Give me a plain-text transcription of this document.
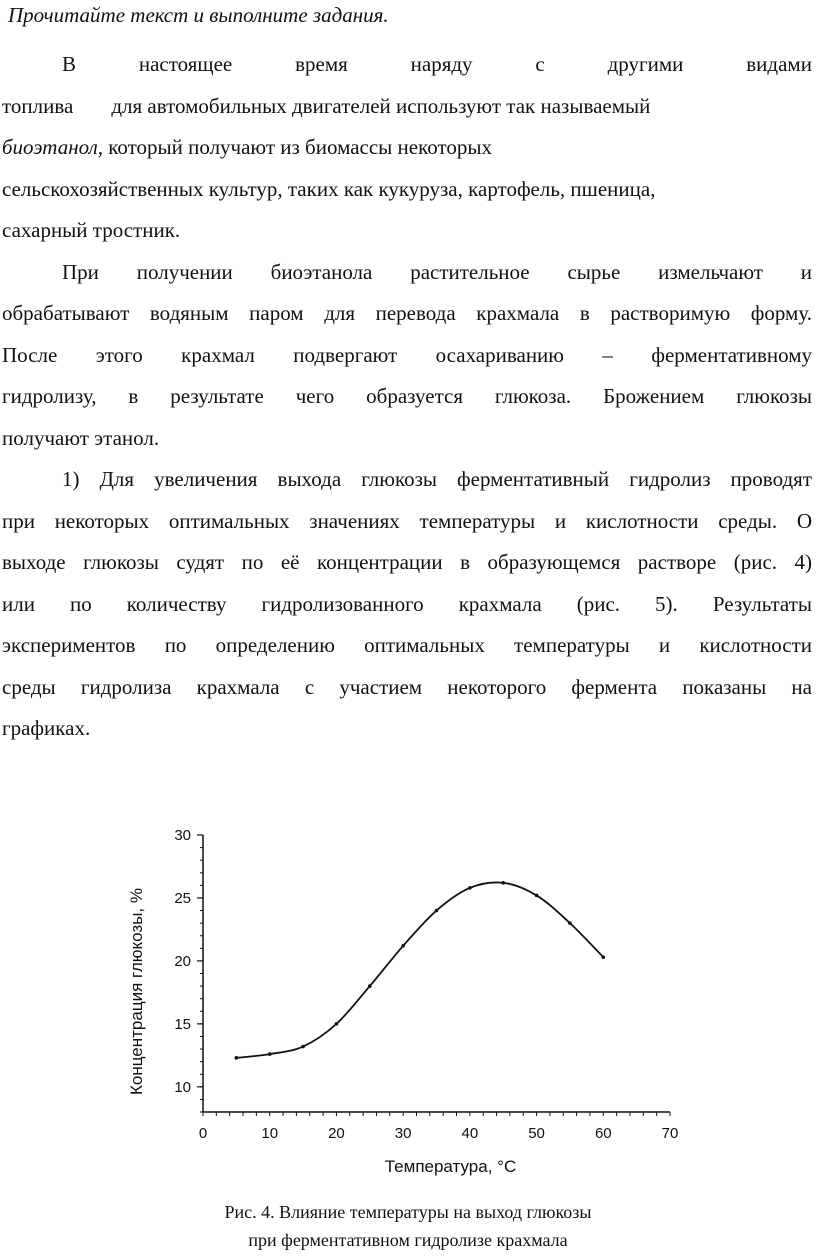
Прочитайте текст и выполните задания.
В	настоящее	время	наряду	с	другими	видами
топлива для автомобильных двигателей используют так называемый
биоэтанол, который получают из биомассы некоторых
сельскохозяйственных культур, таких как кукуруза, картофель, пшеница,
сахарный тростник.
При получении биоэтанола растительное сырье измельчают и
обрабатывают водяным паром для перевода крахмала в растворимую форму.
После этого крахмал подвергают осахариванию – ферментативному
гидролизу, в результате чего образуется глюкоза. Брожением глюкозы
получают этанол.
1) Для увеличения выхода глюкозы ферментативный гидролиз проводят
при некоторых оптимальных значениях температуры и кислотности среды. О
выходе глюкозы судят по её концентрации в образующемся растворе (рис. 4)
или по количеству гидролизованного крахмала (рис. 5). Результаты
экспериментов по определению оптимальных температуры и кислотности
среды гидролиза крахмала с участием некоторого фермента показаны на
графиках.
10
15
20
25
30
0	10	20	30	40	50	60	70
Температура, °C
Концентрация глюкозы, %
Рис. 4. Влияние температуры на выход глюкозы
при ферментативном гидролизе крахмала
